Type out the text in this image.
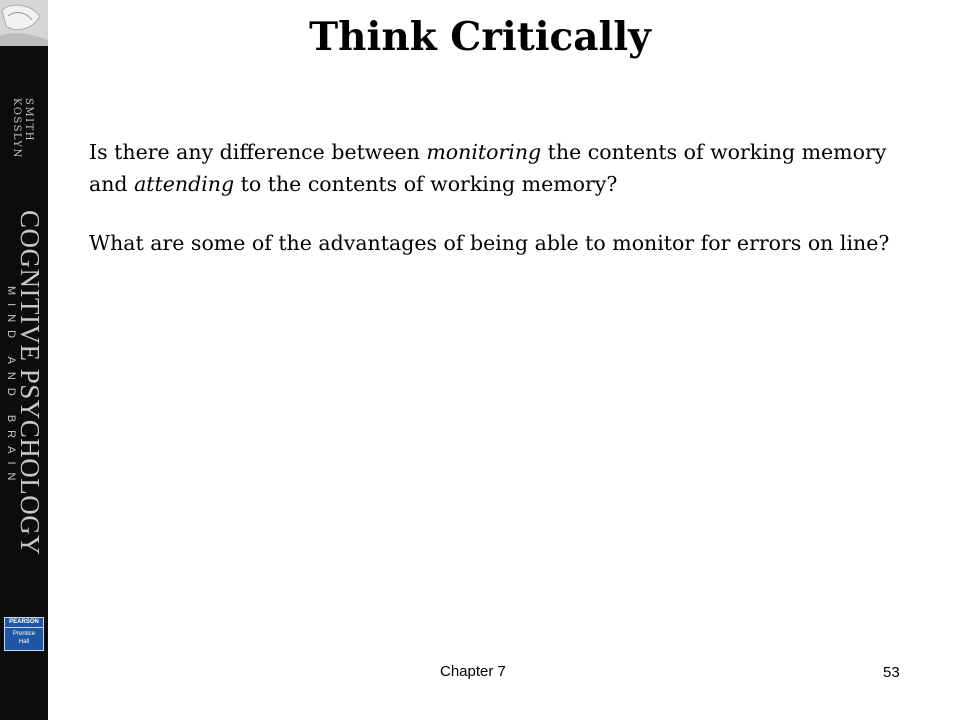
SMITH
KOSSLYN
COGNITIVE PSYCHOLOGY
MIND AND BRAIN
PEARSON
Prentice
Hall
Think Critically

Is there any difference between monitoring the contents of working memory and attending to the contents of working memory?

What are some of the advantages of being able to monitor for errors on line?

Chapter 7	53
